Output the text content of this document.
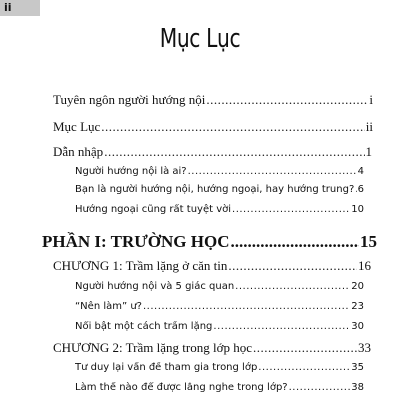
ii
Mục Lục
Tuyên ngôn người hướng nội .....	i
Mục Lục .....	ii
Dẫn nhập .....	1
Người hướng nội là ai? .....	4
Bạn là người hướng nội, hướng ngoại, hay hướng trung? ..... 6
Hướng ngoại cũng rất tuyệt vời .....	10
PHẦN I: TRƯỜNG HỌC .....	15
CHƯƠNG 1: Trầm lặng ở căn tin .....	16
Người hướng nội và 5 giác quan .....	20
“Nên làm” ư? .....	23
Nổi bật một cách trầm lặng .....	30
CHƯƠNG 2: Trầm lặng trong lớp học .....	33
Tư duy lại vấn đề tham gia trong lớp .....	35
Làm thế nào để được lắng nghe trong lớp? .....	38
